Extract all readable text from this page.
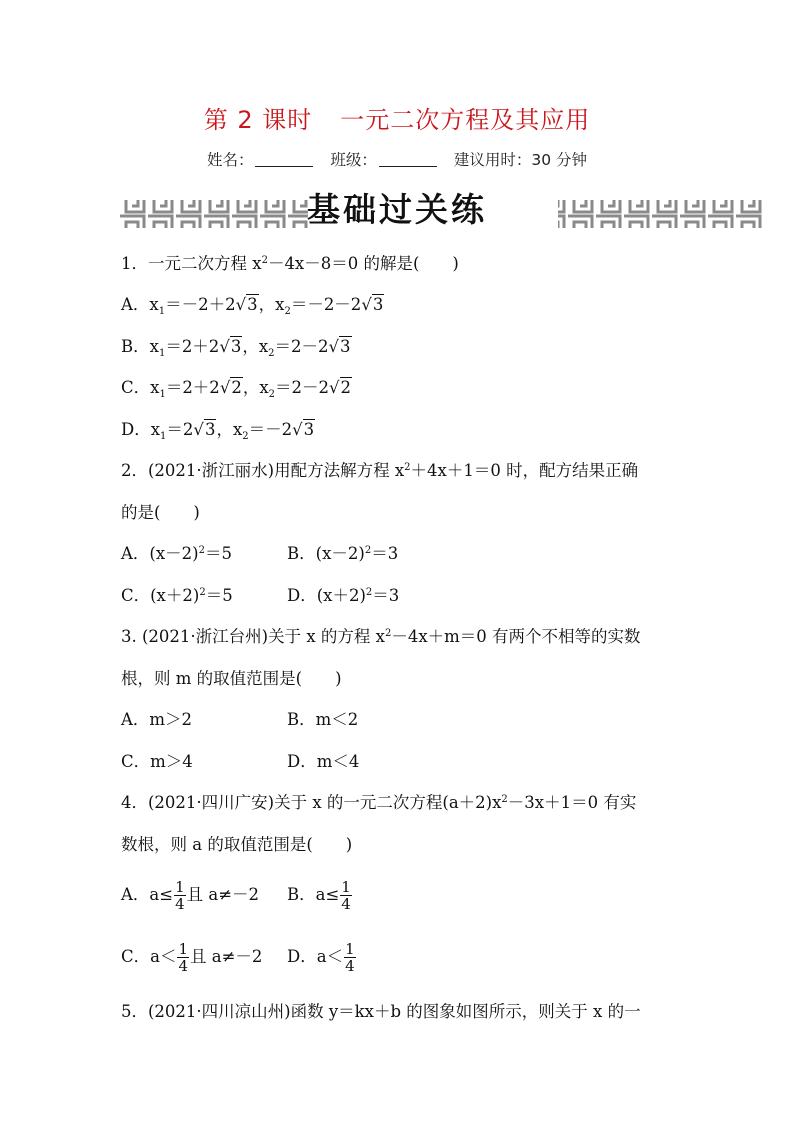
第 2 课时 一元二次方程及其应用
姓名：	班级：	建议用时：30 分钟
基础过关练
1．一元二次方程 $x^2-4x-8=0$ 的解是(　　)
A．$x_1=-2+2√3$，$x_2=-2-2√3$
B．$x_1=2+2√3$，$x_2=2-2√3$
C．$x_1=2+2√2$，$x_2=2-2√2$
D．$x_1=2√3$，$x_2=-2√3$
2．(2021·浙江丽水)用配方法解方程 $x^2+4x+1=0$ 时，配方结果正确
的是(　　)
A．$(x-2)^2=5$	B．$(x-2)^2=3$
C．$(x+2)^2=5$	D．$(x+2)^2=3$
3. (2021·浙江台州)关于 x 的方程 $x^2-4x+m=0$ 有两个不相等的实数
根，则 m 的取值范围是(　　)
A．m＞2	B．m＜2
C．m＞4	D．m＜4
4．(2021·四川广安)关于 x 的一元二次方程$(a+2)x^2-3x+1=0$ 有实
数根，则 a 的取值范围是(　　)
A．$a\le \frac{1}{4}$ 且 a≠－2 B．$a\le \frac{1}{4}$
C．$a< \frac{1}{4}$ 且 a≠－2 D．$a< \frac{1}{4}$
5．(2021·四川凉山州)函数 y＝kx＋b 的图象如图所示，则关于 x 的一
